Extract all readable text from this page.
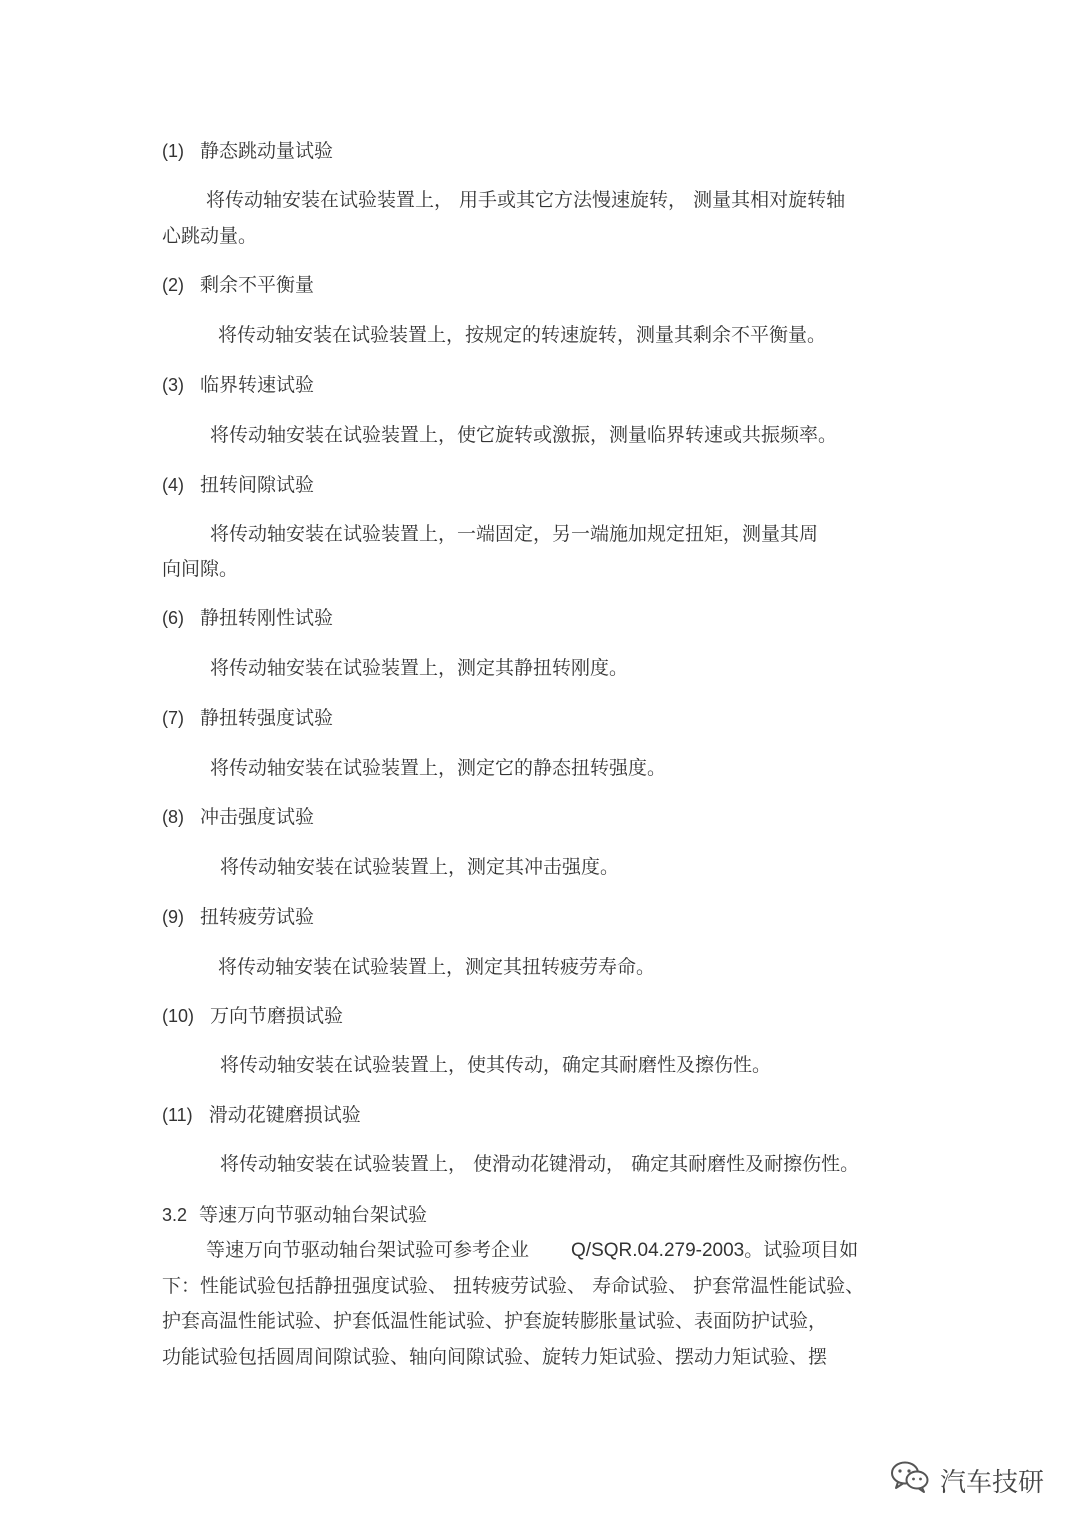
(1) 静态跳动量试验
将传动轴安装在试验装置上， 用手或其它方法慢速旋转， 测量其相对旋转轴
心跳动量。
(2) 剩余不平衡量
将传动轴安装在试验装置上，按规定的转速旋转，测量其剩余不平衡量。
(3) 临界转速试验
将传动轴安装在试验装置上，使它旋转或激振，测量临界转速或共振频率。
(4) 扭转间隙试验
将传动轴安装在试验装置上，一端固定，另一端施加规定扭矩，测量其周
向间隙。
(6) 静扭转刚性试验
将传动轴安装在试验装置上，测定其静扭转刚度。
(7) 静扭转强度试验
将传动轴安装在试验装置上，测定它的静态扭转强度。
(8) 冲击强度试验
将传动轴安装在试验装置上，测定其冲击强度。
(9) 扭转疲劳试验
将传动轴安装在试验装置上，测定其扭转疲劳寿命。
(10) 万向节磨损试验
将传动轴安装在试验装置上，使其传动，确定其耐磨性及擦伤性。
(11) 滑动花键磨损试验
将传动轴安装在试验装置上， 使滑动花键滑动， 确定其耐磨性及耐擦伤性。
3.2 等速万向节驱动轴台架试验
等速万向节驱动轴台架试验可参考企业 Q/SQR.04.279-2003。试验项目如
下：性能试验包括静扭强度试验、 扭转疲劳试验、 寿命试验、 护套常温性能试验、
护套高温性能试验、护套低温性能试验、护套旋转膨胀量试验、表面防护试验，
功能试验包括圆周间隙试验、轴向间隙试验、旋转力矩试验、摆动力矩试验、摆
汽车技研
